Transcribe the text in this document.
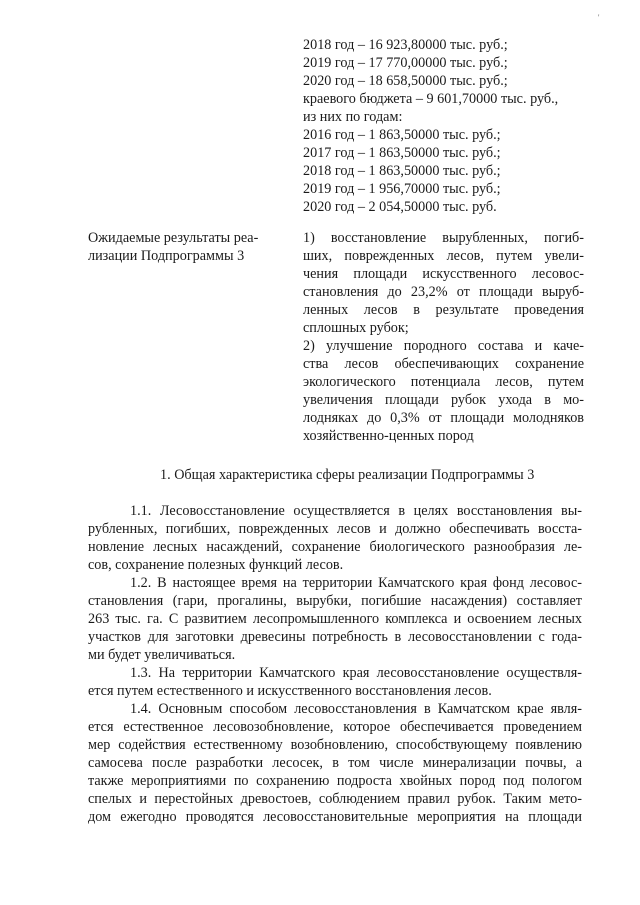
'

2018 год – 16 923,80000 тыс. руб.;

2019 год – 17 770,00000 тыс. руб.;

2020 год – 18 658,50000 тыс. руб.;

краевого бюджета – 9 601,70000 тыс. руб.,

из них по годам:

2016 год – 1 863,50000 тыс. руб.;

2017 год – 1 863,50000 тыс. руб.;

2018 год – 1 863,50000 тыс. руб.;

2019 год – 1 956,70000 тыс. руб.;

2020 год – 2 054,50000 тыс. руб.

Ожидаемые результаты реа-

лизации Подпрограммы 3

1) восстановление вырубленных, погиб-

ших, поврежденных лесов, путем увели-

чения площади искусственного лесовос-

становления до 23,2% от площади выруб-

ленных лесов в результате проведения

сплошных рубок;

2) улучшение породного состава и каче-

ства лесов обеспечивающих сохранение

экологического потенциала лесов, путем

увеличения площади рубок ухода в мо-

лодняках до 0,3% от площади молодняков

хозяйственно-ценных пород

1. Общая характеристика сферы реализации Подпрограммы 3

1.1. Лесовосстановление осуществляется в целях восстановления вы-

рубленных, погибших, поврежденных лесов и должно обеспечивать восста-

новление лесных насаждений, сохранение биологического разнообразия ле-

сов, сохранение полезных функций лесов.

1.2. В настоящее время на территории Камчатского края фонд лесовос-

становления (гари, прогалины, вырубки, погибшие насаждения) составляет

263 тыс. га. С развитием лесопромышленного комплекса и освоением лесных

участков для заготовки древесины потребность в лесовосстановлении с года-

ми будет увеличиваться.

1.3. На территории Камчатского края лесовосстановление осуществля-

ется путем естественного и искусственного восстановления лесов.

1.4. Основным способом лесовосстановления в Камчатском крае явля-

ется естественное лесовозобновление, которое обеспечивается проведением

мер содействия естественному возобновлению, способствующему появлению

самосева после разработки лесосек, в том числе минерализации почвы, а

также мероприятиями по сохранению подроста хвойных пород под пологом

спелых и перестойных древостоев, соблюдением правил рубок. Таким мето-

дом ежегодно проводятся лесовосстановительные мероприятия на площади
